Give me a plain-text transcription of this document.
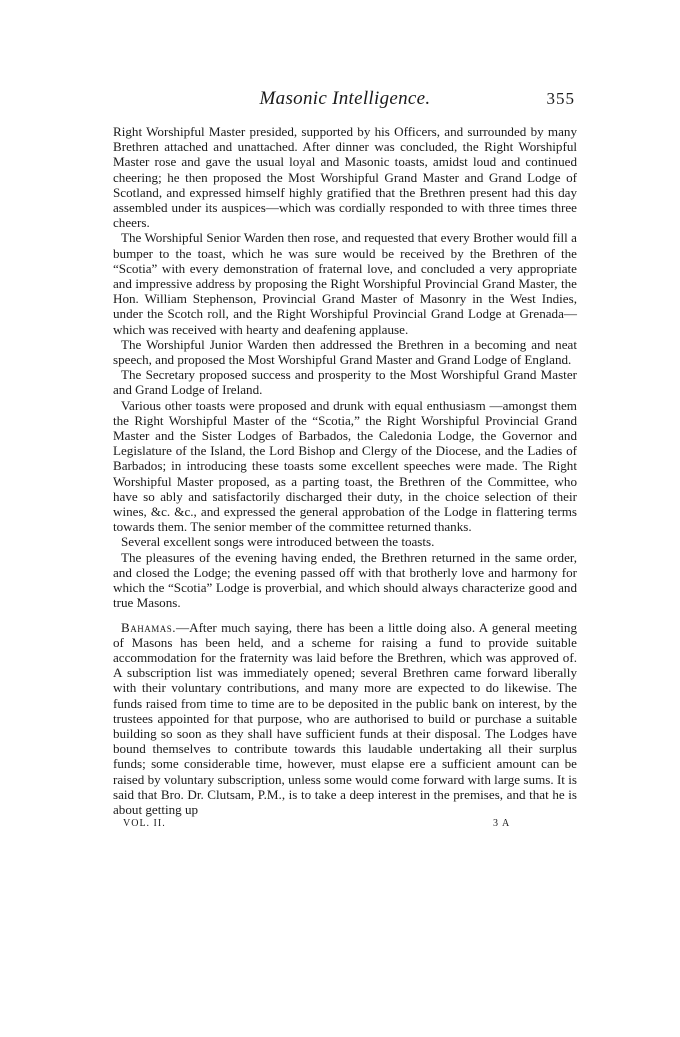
Masonic Intelligence.	355

Right Worshipful Master presided, supported by his Officers, and surrounded by many Brethren attached and unattached. After dinner was concluded, the Right Worshipful Master rose and gave the usual loyal and Masonic toasts, amidst loud and continued cheering; he then proposed the Most Worshipful Grand Master and Grand Lodge of Scotland, and expressed himself highly gratified that the Brethren present had this day assembled under its auspices—which was cordially responded to with three times three cheers.

The Worshipful Senior Warden then rose, and requested that every Brother would fill a bumper to the toast, which he was sure would be received by the Brethren of the “Scotia” with every demonstration of fraternal love, and concluded a very appropriate and impressive address by proposing the Right Worshipful Provincial Grand Master, the Hon. William Stephenson, Provincial Grand Master of Masonry in the West Indies, under the Scotch roll, and the Right Worshipful Provincial Grand Lodge at Grenada—which was received with hearty and deafening applause.

The Worshipful Junior Warden then addressed the Brethren in a becoming and neat speech, and proposed the Most Worshipful Grand Master and Grand Lodge of England.

The Secretary proposed success and prosperity to the Most Worshipful Grand Master and Grand Lodge of Ireland.

Various other toasts were proposed and drunk with equal enthusiasm —amongst them the Right Worshipful Master of the “Scotia,” the Right Worshipful Provincial Grand Master and the Sister Lodges of Barbados, the Caledonia Lodge, the Governor and Legislature of the Island, the Lord Bishop and Clergy of the Diocese, and the Ladies of Barbados; in introducing these toasts some excellent speeches were made. The Right Worshipful Master proposed, as a parting toast, the Brethren of the Committee, who have so ably and satisfactorily discharged their duty, in the choice selection of their wines, &c. &c., and expressed the general approbation of the Lodge in flattering terms towards them. The senior member of the committee returned thanks.

Several excellent songs were introduced between the toasts.

The pleasures of the evening having ended, the Brethren returned in the same order, and closed the Lodge; the evening passed off with that brotherly love and harmony for which the “Scotia” Lodge is proverbial, and which should always characterize good and true Masons.

Bahamas.—After much saying, there has been a little doing also. A general meeting of Masons has been held, and a scheme for raising a fund to provide suitable accommodation for the fraternity was laid before the Brethren, which was approved of. A subscription list was immediately opened; several Brethren came forward liberally with their voluntary contributions, and many more are expected to do likewise. The funds raised from time to time are to be deposited in the public bank on interest, by the trustees appointed for that purpose, who are authorised to build or purchase a suitable building so soon as they shall have sufficient funds at their disposal. The Lodges have bound themselves to contribute towards this laudable undertaking all their surplus funds; some considerable time, however, must elapse ere a sufficient amount can be raised by voluntary subscription, unless some would come forward with large sums. It is said that Bro. Dr. Clutsam, P.M., is to take a deep interest in the premises, and that he is about getting up

VOL. II.	3 A
